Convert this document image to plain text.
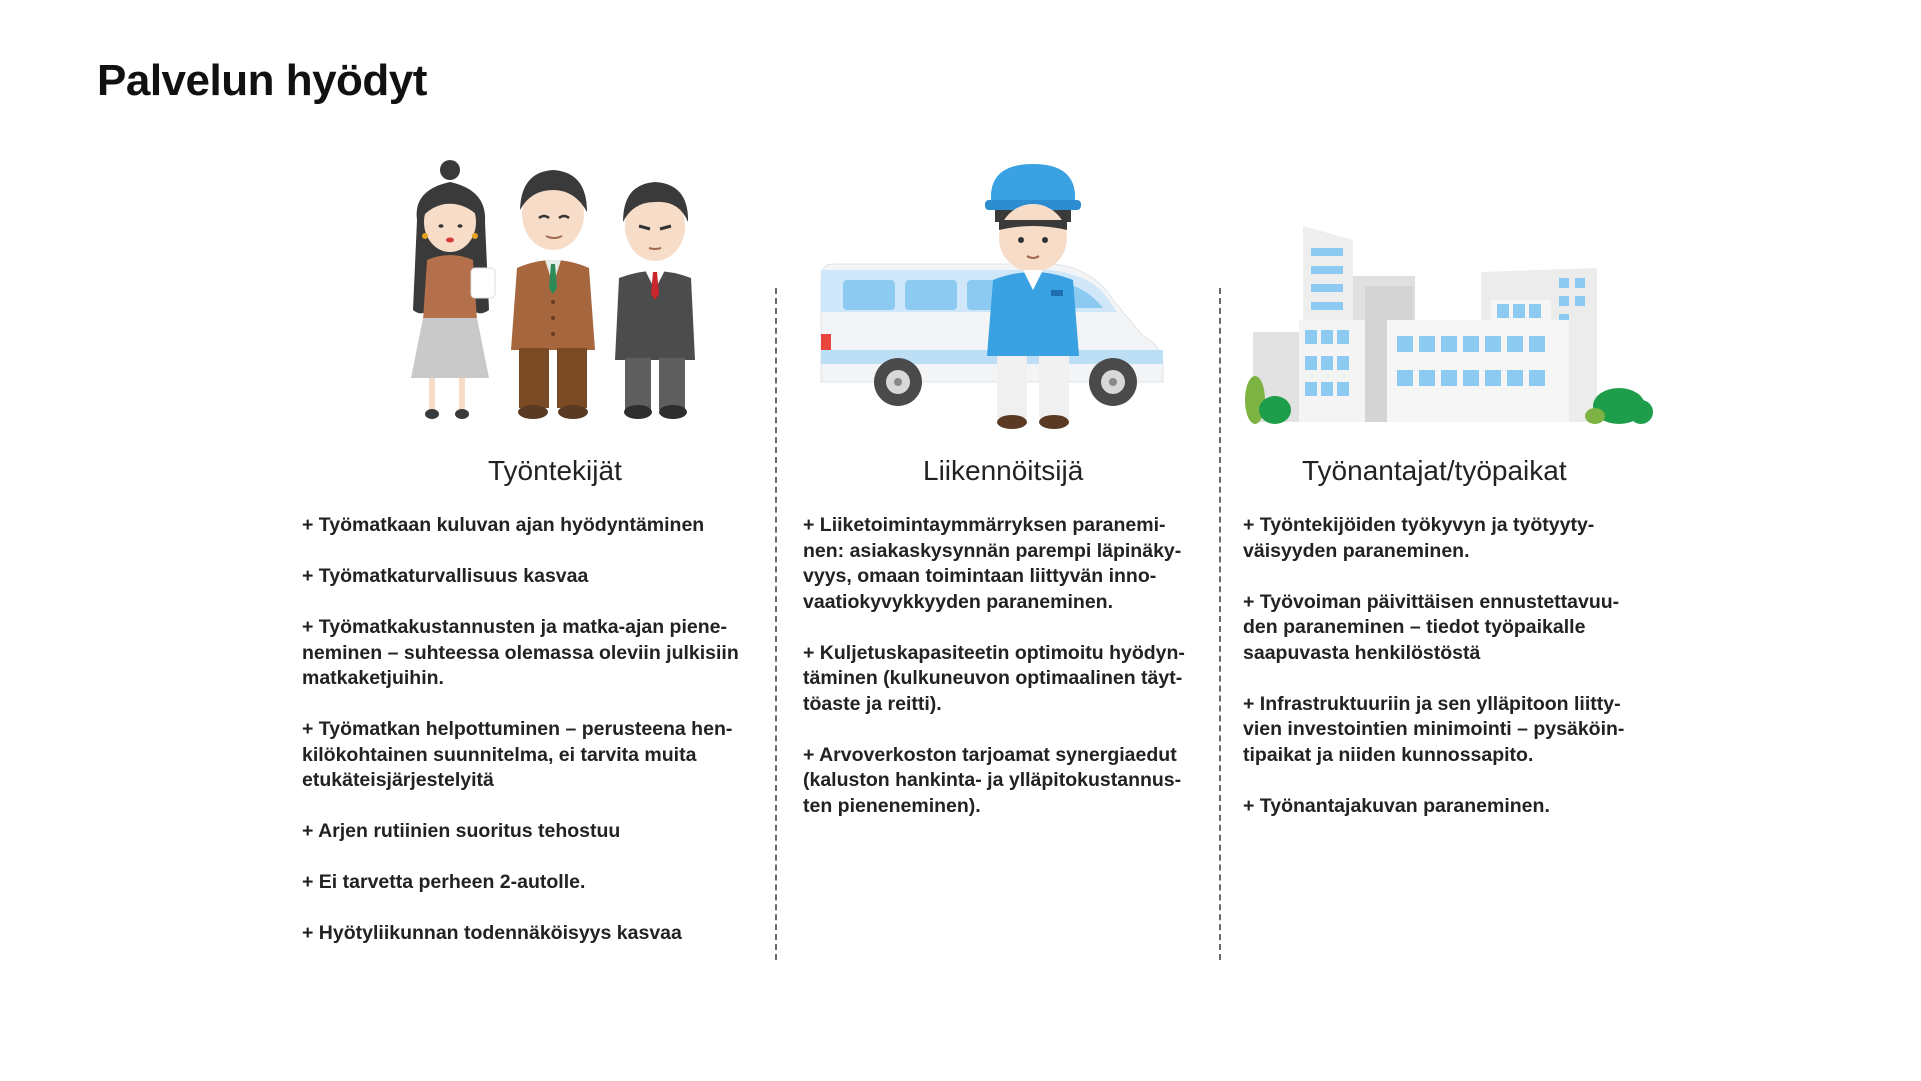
Palvelun hyödyt
Työntekijät
+ Työmatkaan kuluvan ajan hyödyntäminen
+ Työmatkaturvallisuus kasvaa
+ Työmatkakustannusten ja matka-ajan piene-
neminen – suhteessa olemassa oleviin julkisiin
matkaketjuihin.
+ Työmatkan helpottuminen – perusteena hen-
kilökohtainen suunnitelma, ei tarvita muita
etukäteisjärjestelyitä
+ Arjen rutiinien suoritus tehostuu
+ Ei tarvetta perheen 2-autolle.
+ Hyötyliikunnan todennäköisyys kasvaa
Liikennöitsijä
+ Liiketoimintaymmärryksen paranemi-
nen: asiakaskysynnän parempi läpinäky-
vyys, omaan toimintaan liittyvän inno-
vaatiokyvykkyyden paraneminen.
+ Kuljetuskapasiteetin optimoitu hyödyn-
täminen (kulkuneuvon optimaalinen täyt-
töaste ja reitti).
+ Arvoverkoston tarjoamat synergiaedut
(kaluston hankinta- ja ylläpitokustannus-
ten pieneneminen).
Työnantajat/työpaikat
+ Työntekijöiden työkyvyn ja työtyyty-
väisyyden paraneminen.
+ Työvoiman päivittäisen ennustettavuu-
den paraneminen – tiedot työpaikalle
saapuvasta henkilöstöstä
+ Infrastruktuuriin ja sen ylläpitoon liitty-
vien investointien minimointi – pysäköin-
tipaikat ja niiden kunnossapito.
+ Työnantajakuvan paraneminen.
